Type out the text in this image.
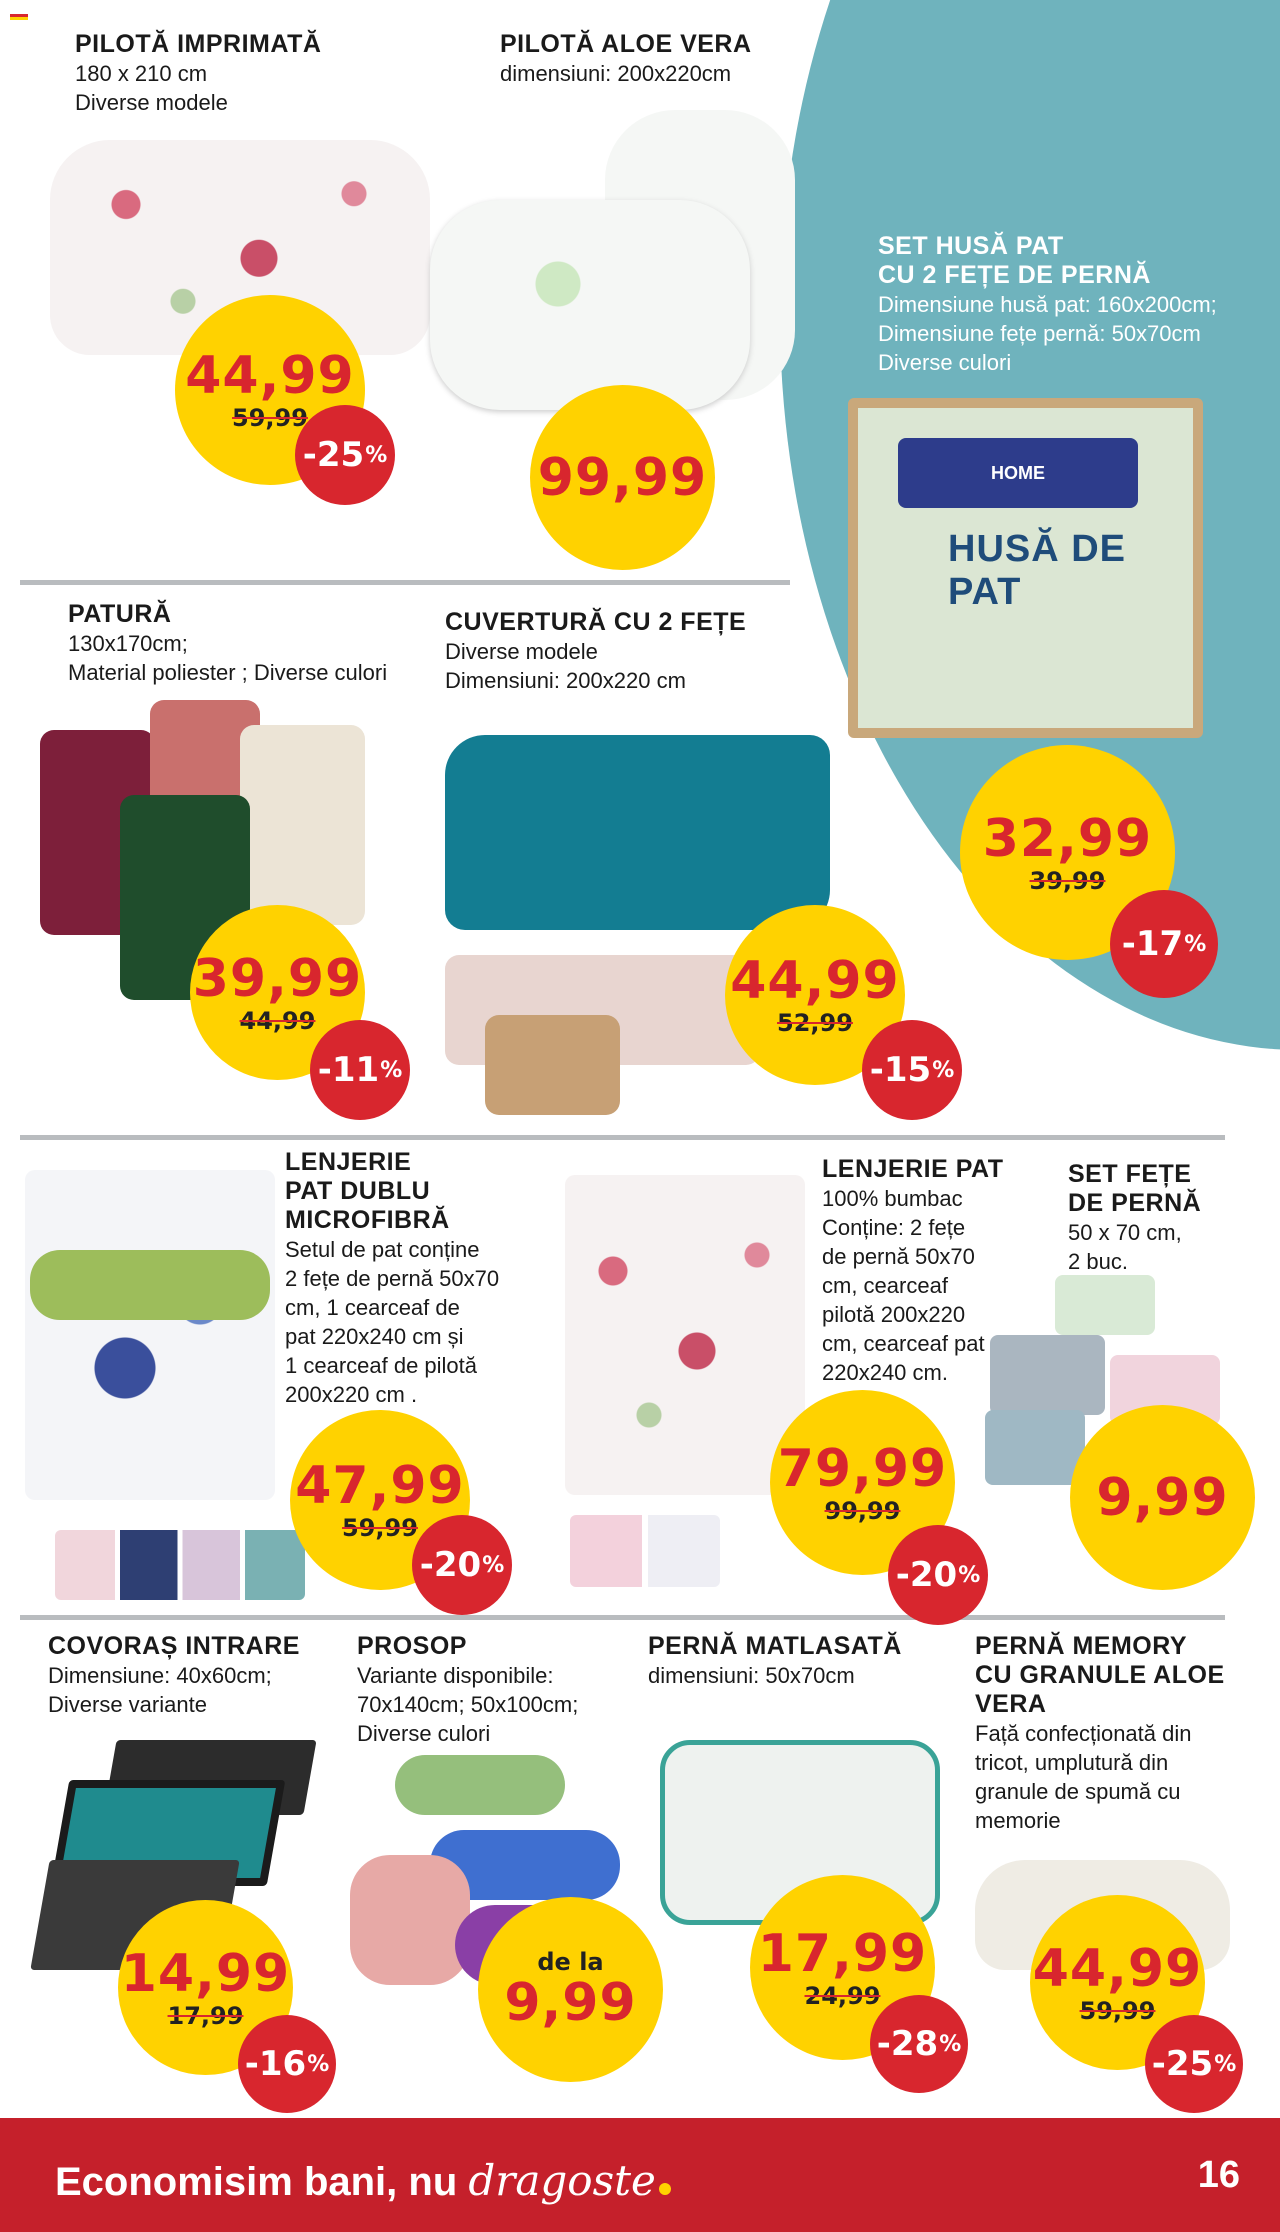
PILOTĂ IMPRIMATĂ
180 x 210 cm
Diverse modele
44,99
59,99
-25 %
PILOTĂ ALOE VERA
dimensiuni: 200x220cm
99,99
SET HUSĂ PAT
CU 2 FEȚE DE PERNĂ
Dimensiune husă pat: 160x200cm;
Dimensiune fețe pernă: 50x70cm
Diverse culori
HOME
HUSĂ DE PAT
32,99
39,99
-17 %
PATURĂ
130x170cm;
Material poliester ; Diverse culori
39,99
44,99
-11 %
CUVERTURĂ CU 2 FEȚE
Diverse modele
Dimensiuni: 200x220 cm
44,99
52,99
-15 %
LENJERIE
PAT DUBLU
MICROFIBRĂ
Setul de pat conține
2 fețe de pernă 50x70
cm, 1 cearceaf de
pat 220x240 cm și
1 cearceaf de pilotă
200x220 cm .
47,99
59,99
-20 %
LENJERIE PAT
100% bumbac
Conține: 2 fețe
de pernă 50x70
cm, cearceaf
pilotă 200x220
cm, cearceaf pat
220x240 cm.
79,99
99,99
-20 %
SET FEȚE
DE PERNĂ
50 x 70 cm,
2 buc.
9,99
COVORAȘ INTRARE
Dimensiune: 40x60cm;
Diverse variante
14,99
17,99
-16 %
PROSOP
Variante disponibile:
70x140cm; 50x100cm;
Diverse culori
de la
9,99
PERNĂ MATLASATĂ
dimensiuni: 50x70cm
17,99
24,99
-28 %
PERNĂ MEMORY
CU GRANULE ALOE
VERA
Față confecționată din
tricot, umplutură din
granule de spumă cu
memorie
44,99
59,99
-25 %
Economisim bani, nu dragoste	16
